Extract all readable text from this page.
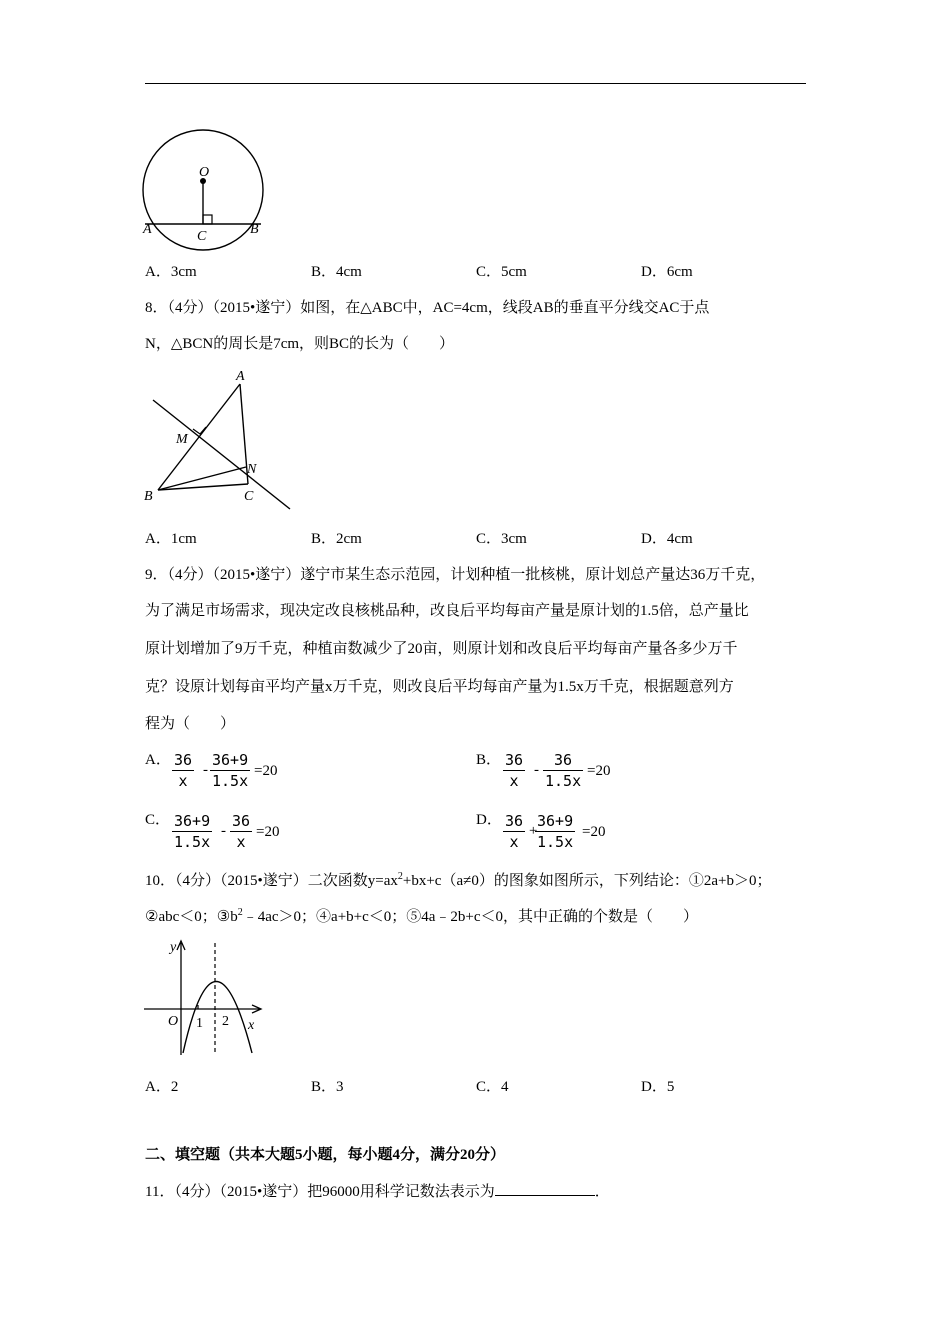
O
A	C	B
A．3cm	B．4cm	C．5cm	D．6cm
8．（4分）（2015•遂宁）如图，在△ABC中，AC=4cm，线段AB的垂直平分线交AC于点
N，△BCN的周长是7cm，则BC的长为（　　）
A
M
N
B	C
A．1cm	B．2cm	C．3cm	D．4cm
9．（4分）（2015•遂宁）遂宁市某生态示范园，计划种植一批核桃，原计划总产量达36万千克，
为了满足市场需求，现决定改良核桃品种，改良后平均每亩产量是原计划的1.5倍，总产量比
原计划增加了9万千克，种植亩数减少了20亩，则原计划和改良后平均每亩产量各多少万千
克？设原计划每亩平均产量x万千克，则改良后平均每亩产量为1.5x万千克，根据题意列方
程为（　　）
A． $\frac{36}{x} - \frac{36+9}{1.5x} =20$
B． $\frac{36}{x} - \frac{36}{1.5x} =20$
C． $\frac{36+9}{1.5x} - \frac{36}{x} =20$
D． $\frac{36}{x}$ +
$\frac{36+9}{1.5x} =20$
10．（4分）（2015•遂宁）二次函数$y=ax^2+bx+c(a\ne 0)$的图象如图所示，下列结论：①2a+b＞0；
②abc＜0；$③b^2﹣4ac>0$；④a+b+c＜0；⑤4a﹣2b+c＜0，其中正确的个数是（　　）
y
x
O 1 2
A．2	B．3	C．4	D．5
二、填空题（共本大题5小题，每小题4分，满分20分）
11．（4分）（2015•遂宁）把96000用科学记数法表示为	．
